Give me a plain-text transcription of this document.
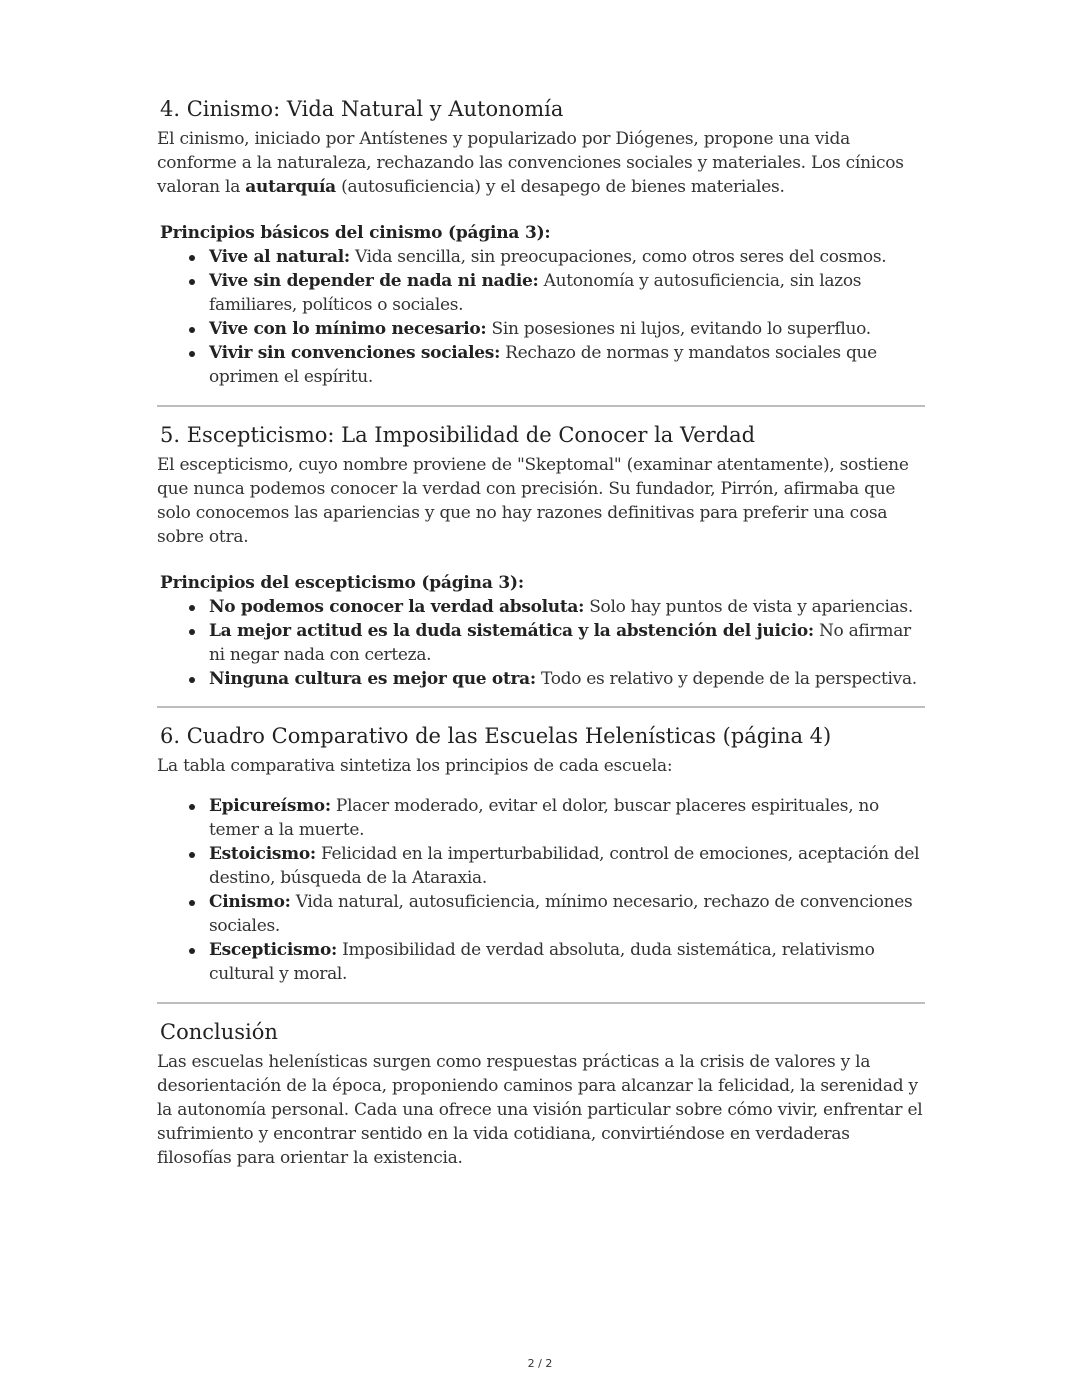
4. Cinismo: Vida Natural y Autonomía

El cinismo, iniciado por Antístenes y popularizado por Diógenes, propone una vida conforme a la naturaleza, rechazando las convenciones sociales y materiales. Los cínicos valoran la autarquía (autosuficiencia) y el desapego de bienes materiales.

Principios básicos del cinismo (página 3):
Vive al natural: Vida sencilla, sin preocupaciones, como otros seres del cosmos.
Vive sin depender de nada ni nadie: Autonomía y autosuficiencia, sin lazos familiares, políticos o sociales.
Vive con lo mínimo necesario: Sin posesiones ni lujos, evitando lo superfluo.
Vivir sin convenciones sociales: Rechazo de normas y mandatos sociales que oprimen el espíritu.
5. Escepticismo: La Imposibilidad de Conocer la Verdad

El escepticismo, cuyo nombre proviene de "Skeptomal" (examinar atentamente), sostiene que nunca podemos conocer la verdad con precisión. Su fundador, Pirrón, afirmaba que solo conocemos las apariencias y que no hay razones definitivas para preferir una cosa sobre otra.

Principios del escepticismo (página 3):
No podemos conocer la verdad absoluta: Solo hay puntos de vista y apariencias.
La mejor actitud es la duda sistemática y la abstención del juicio: No afirmar ni negar nada con certeza.
Ninguna cultura es mejor que otra: Todo es relativo y depende de la perspectiva.
6. Cuadro Comparativo de las Escuelas Helenísticas (página 4)

La tabla comparativa sintetiza los principios de cada escuela:

Epicureísmo: Placer moderado, evitar el dolor, buscar placeres espirituales, no temer a la muerte.
Estoicismo: Felicidad en la imperturbabilidad, control de emociones, aceptación del destino, búsqueda de la Ataraxia.
Cinismo: Vida natural, autosuficiencia, mínimo necesario, rechazo de convenciones sociales.
Escepticismo: Imposibilidad de verdad absoluta, duda sistemática, relativismo cultural y moral.
Conclusión

Las escuelas helenísticas surgen como respuestas prácticas a la crisis de valores y la desorientación de la época, proponiendo caminos para alcanzar la felicidad, la serenidad y la autonomía personal. Cada una ofrece una visión particular sobre cómo vivir, enfrentar el sufrimiento y encontrar sentido en la vida cotidiana, convirtiéndose en verdaderas filosofías para orientar la existencia.

2 / 2
